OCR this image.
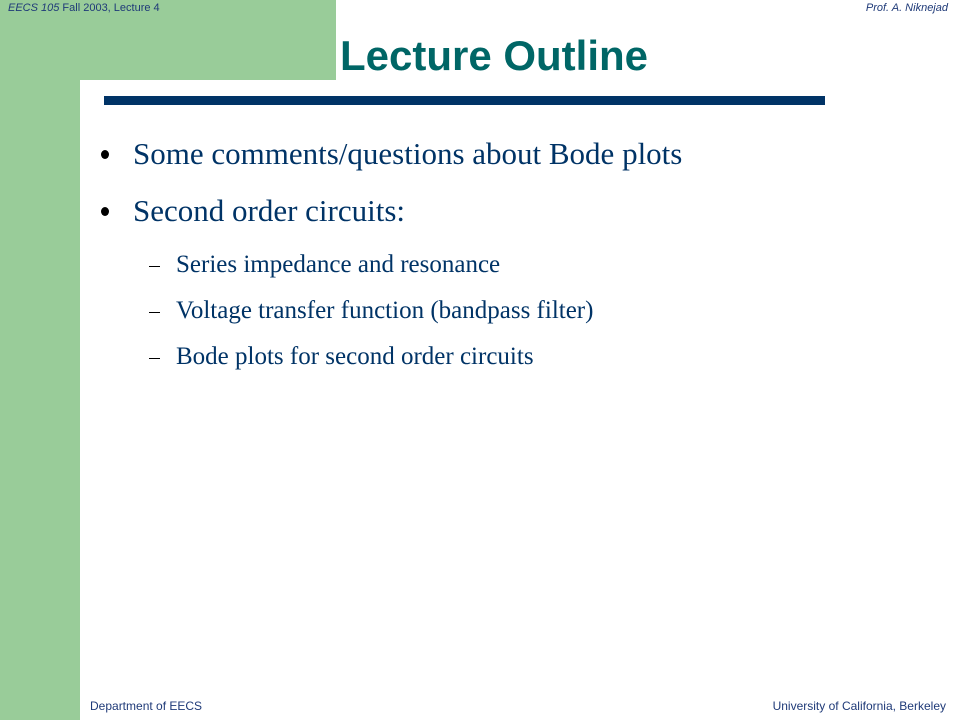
EECS 105 Fall 2003, Lecture 4	Prof. A. Niknejad
Lecture Outline
Some comments/questions about Bode plots
Second order circuits:
Series impedance and resonance
Voltage transfer function (bandpass filter)
Bode plots for second order circuits
Department of EECS	University of California, Berkeley
